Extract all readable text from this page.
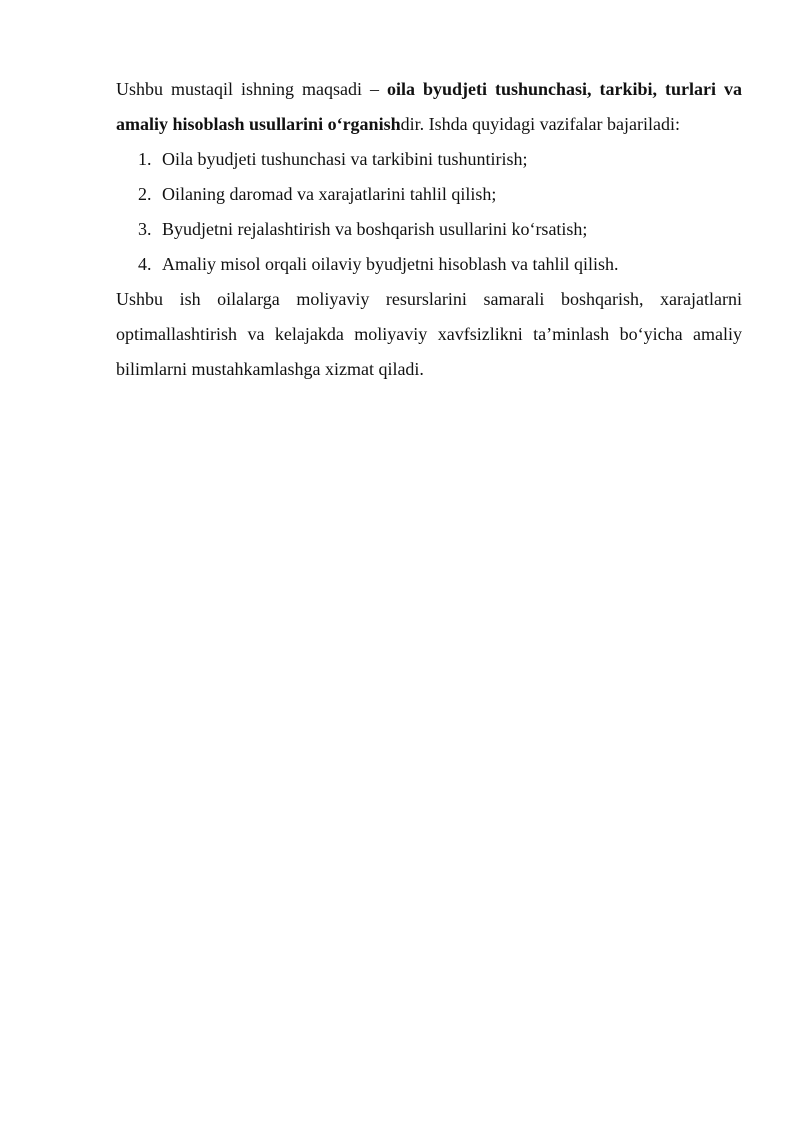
Ushbu mustaqil ishning maqsadi – oila byudjeti tushunchasi, tarkibi, turlari va amaliy hisoblash usullarini o‘rganishdir. Ishda quyidagi vazifalar bajariladi:

1. Oila byudjeti tushunchasi va tarkibini tushuntirish;
2. Oilaning daromad va xarajatlarini tahlil qilish;
3. Byudjetni rejalashtirish va boshqarish usullarini ko‘rsatish;
4. Amaliy misol orqali oilaviy byudjetni hisoblash va tahlil qilish.

Ushbu ish oilalarga moliyaviy resurslarini samarali boshqarish, xarajatlarni optimallashtirish va kelajakda moliyaviy xavfsizlikni ta’minlash bo‘yicha amaliy bilimlarni mustahkamlashga xizmat qiladi.
